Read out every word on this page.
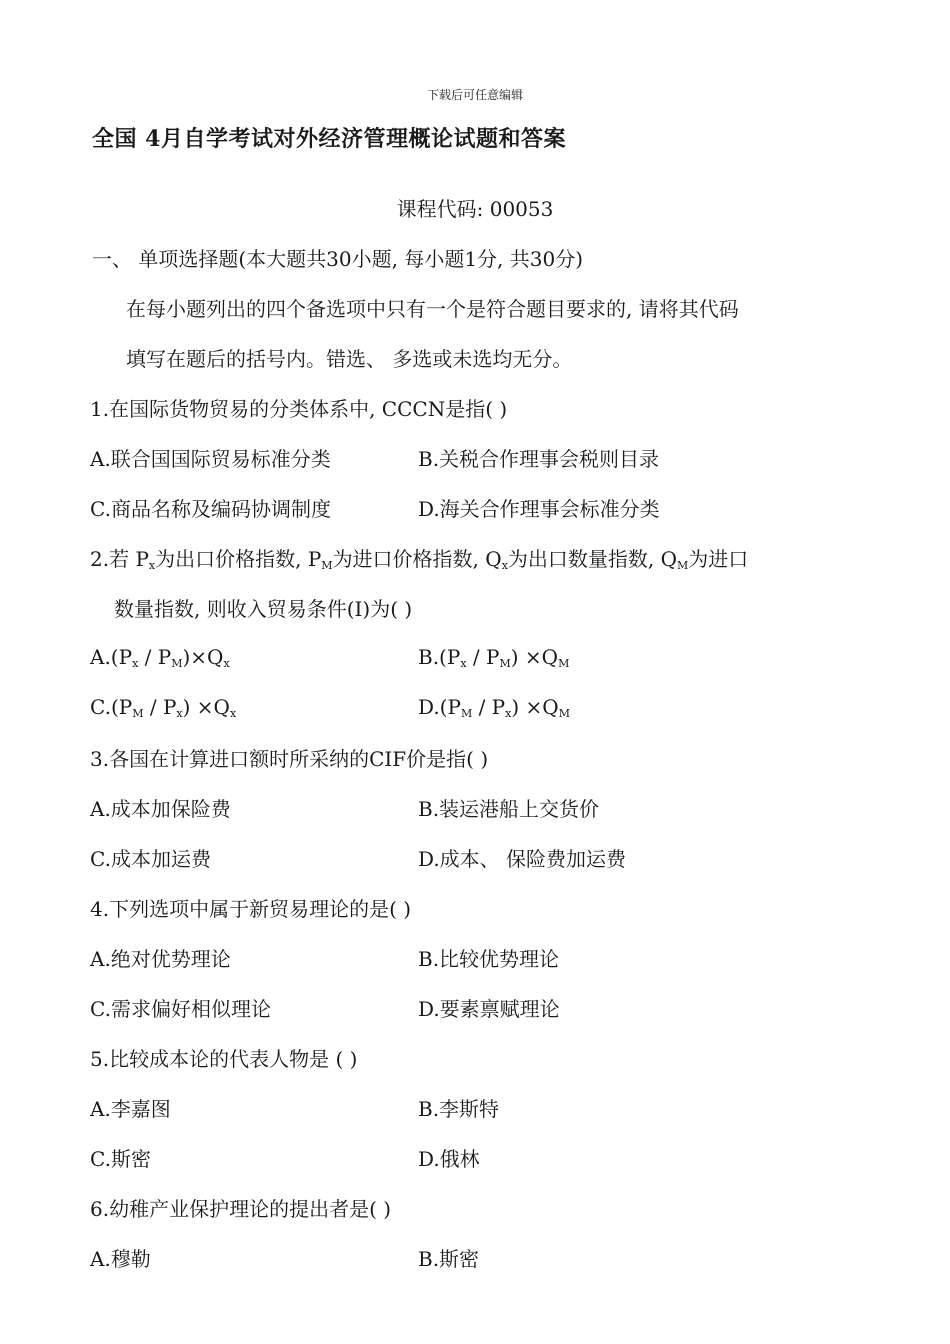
下载后可任意编辑
全国 4月自学考试对外经济管理概论试题和答案
课程代码: 00053
一、 单项选择题(本大题共30小题, 每小题1分, 共30分)
在每小题列出的四个备选项中只有一个是符合题目要求的, 请将其代码
填写在题后的括号内。错选、 多选或未选均无分。
1.在国际货物贸易的分类体系中, CCCN是指( )
A.联合国国际贸易标准分类	B.关税合作理事会税则目录
C.商品名称及编码协调制度	D.海关合作理事会标准分类
2.若 $P_x$为出口价格指数, $P_M$为进口价格指数, $Q_x$为出口数量指数, $Q_M$为进口
数量指数, 则收入贸易条件(I)为( )
$A.(P_x / P_M)\times Q_x$	$B.(P_x / P_M) \times Q_M$
$C.(P_M / P_x) \times Q_x$	$D.(P_M / P_x) \times Q_M$
3.各国在计算进口额时所采纳的CIF价是指( )
A.成本加保险费	B.装运港船上交货价
C.成本加运费	D.成本、 保险费加运费
4.下列选项中属于新贸易理论的是( )
A.绝对优势理论	B.比较优势理论
C.需求偏好相似理论	D.要素禀赋理论
5.比较成本论的代表人物是 ( )
A.李嘉图	B.李斯特
C.斯密	D.俄林
6.幼稚产业保护理论的提出者是( )
A.穆勒	B.斯密
